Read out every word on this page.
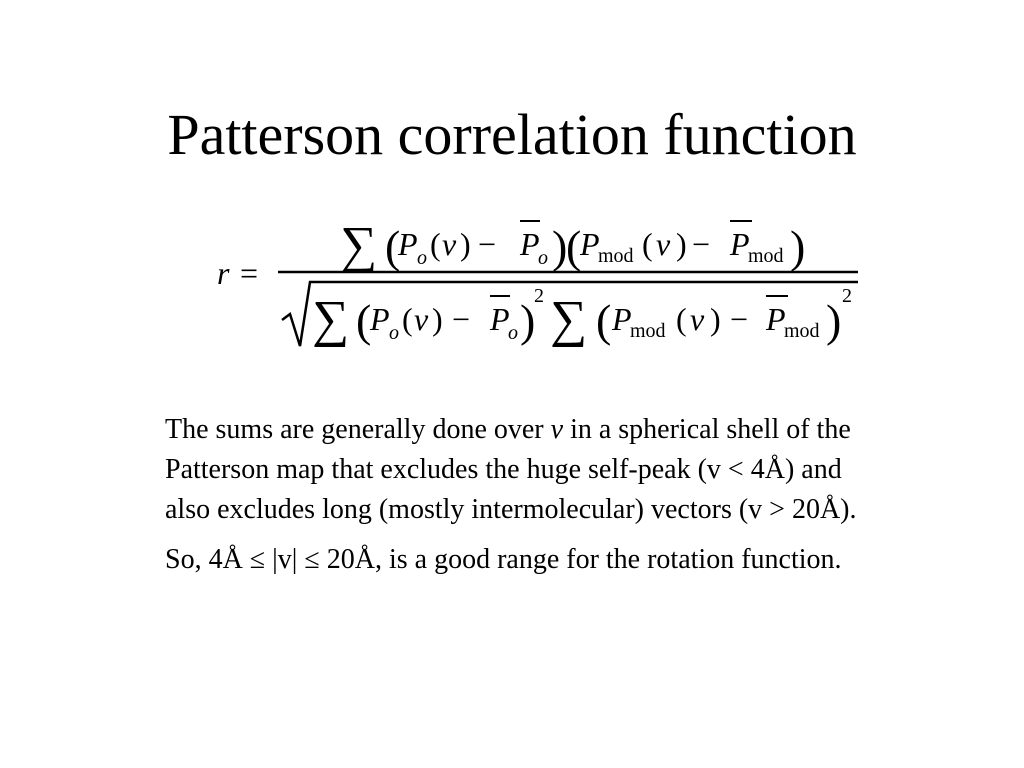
Patterson correlation function
r = ∑ (
P o ( v ) − P
o )
(
P
mod ( v ) − P
mod )
∑ (
P o ( v ) − P
o )
2 ∑ ( P
mod ( v ) − P
mod ) 2

The sums are generally done over v in a spherical shell of the Patterson map that excludes the huge self-peak (v < 4Å) and also excludes long (mostly intermolecular) vectors (v > 20Å).

So, 4Å ≤ |v| ≤ 20Å, is a good range for the rotation function.
